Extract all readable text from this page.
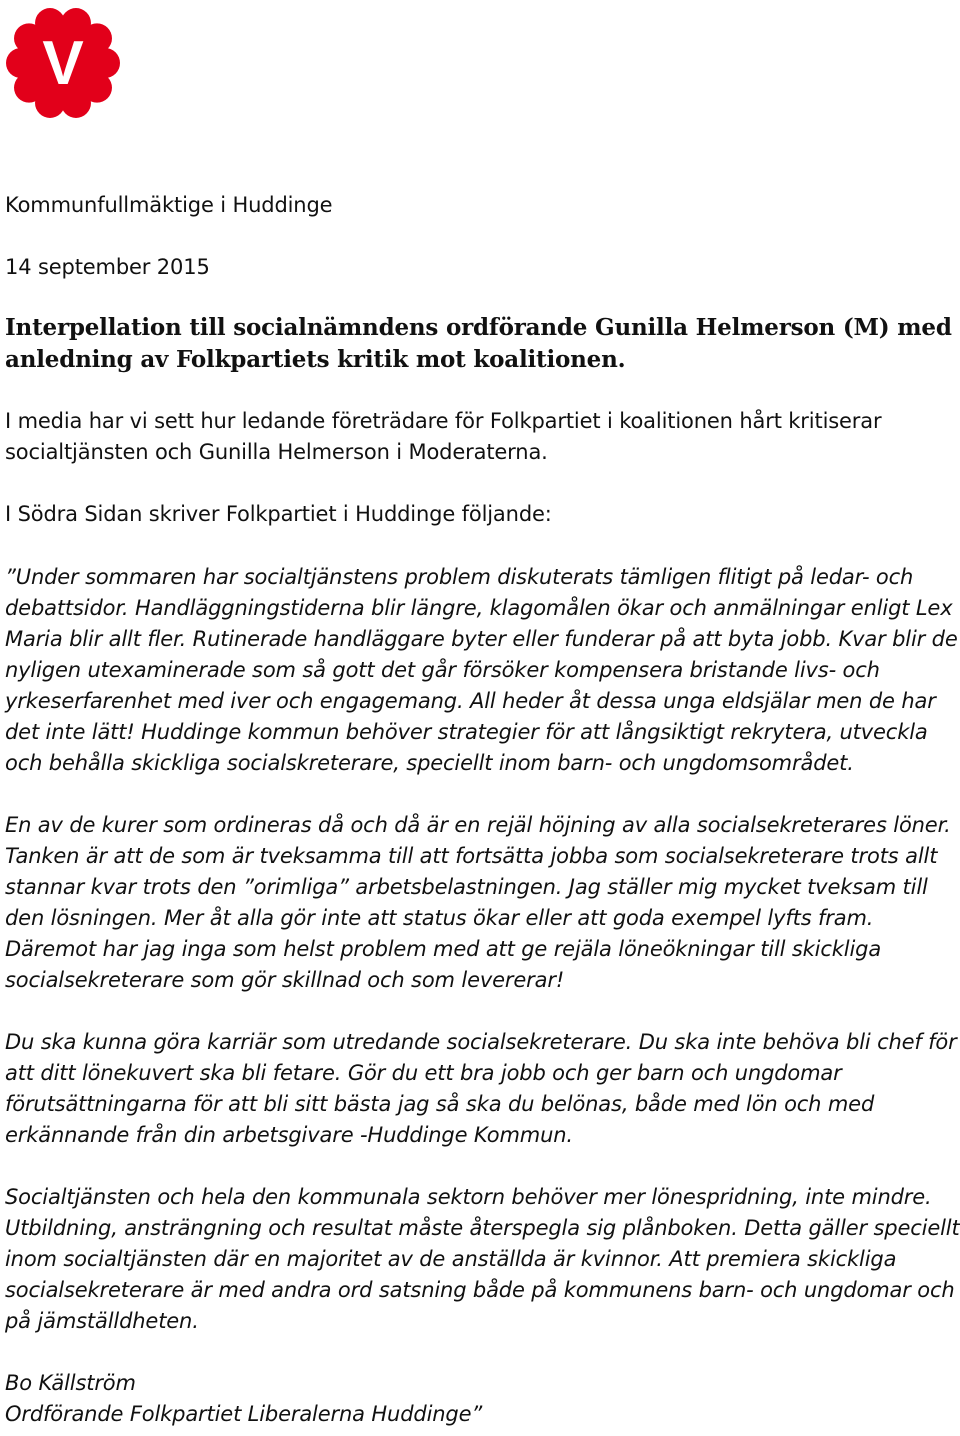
V

Kommunfullmäktige i Huddinge

14 september 2015

Interpellation till socialnämndens ordförande Gunilla Helmerson (M) med anledning av Folkpartiets kritik mot koalitionen.

I media har vi sett hur ledande företrädare för Folkpartiet i koalitionen hårt kritiserar socialtjänsten och Gunilla Helmerson i Moderaterna.

I Södra Sidan skriver Folkpartiet i Huddinge följande:

”Under sommaren har socialtjänstens problem diskuterats tämligen flitigt på ledar- och debattsidor. Handläggningstiderna blir längre, klagomålen ökar och anmälningar enligt Lex Maria blir allt fler. Rutinerade handläggare byter eller funderar på att byta jobb. Kvar blir de nyligen utexaminerade som så gott det går försöker kompensera bristande livs- och yrkeserfarenhet med iver och engagemang. All heder åt dessa unga eldsjälar men de har det inte lätt! Huddinge kommun behöver strategier för att långsiktigt rekrytera, utveckla och behålla skickliga socialskreterare, speciellt inom barn- och ungdomsområdet.

En av de kurer som ordineras då och då är en rejäl höjning av alla socialsekreterares löner. Tanken är att de som är tveksamma till att fortsätta jobba som socialsekreterare trots allt stannar kvar trots den ”orimliga” arbetsbelastningen. Jag ställer mig mycket tveksam till den lösningen. Mer åt alla gör inte att status ökar eller att goda exempel lyfts fram. Däremot har jag inga som helst problem med att ge rejäla löneökningar till skickliga socialsekreterare som gör skillnad och som levererar!

Du ska kunna göra karriär som utredande socialsekreterare. Du ska inte behöva bli chef för att ditt lönekuvert ska bli fetare. Gör du ett bra jobb och ger barn och ungdomar förutsättningarna för att bli sitt bästa jag så ska du belönas, både med lön och med erkännande från din arbetsgivare -Huddinge Kommun.

Socialtjänsten och hela den kommunala sektorn behöver mer lönespridning, inte mindre. Utbildning, ansträngning och resultat måste återspegla sig plånboken. Detta gäller speciellt inom socialtjänsten där en majoritet av de anställda är kvinnor. Att premiera skickliga socialsekreterare är med andra ord satsning både på kommunens barn- och ungdomar och på jämställdheten.

Bo Källström

Ordförande Folkpartiet Liberalerna Huddinge”
